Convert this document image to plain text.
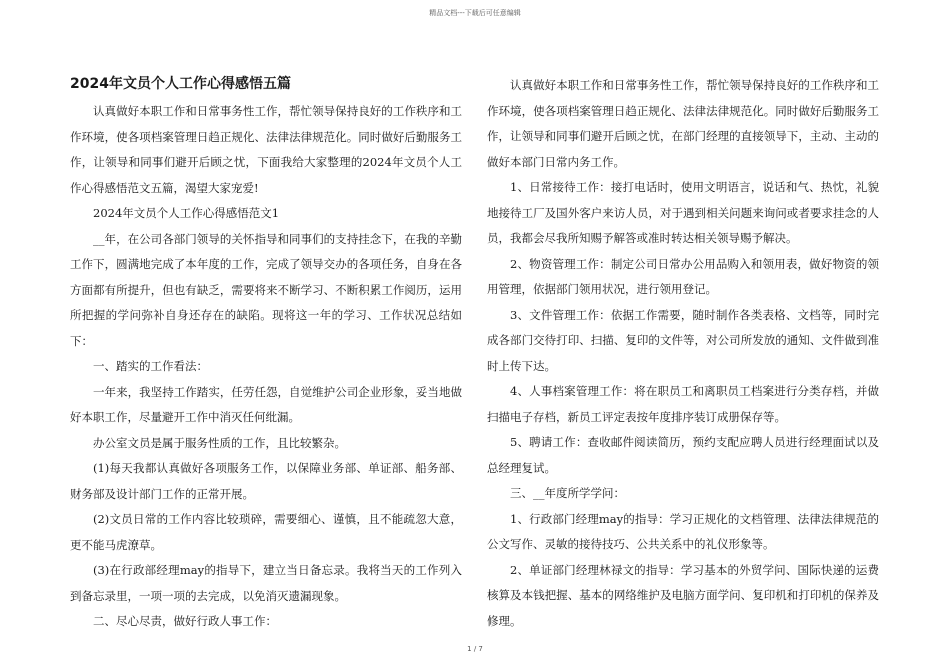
精品文档---下载后可任意编辑
2024年文员个人工作心得感悟五篇

认真做好本职工作和日常事务性工作，帮忙领导保持良好的工作秩序和工作环境，使各项档案管理日趋正规化、法律法律规范化。同时做好后勤服务工作，让领导和同事们避开后顾之忧，下面我给大家整理的2024年文员个人工作心得感悟范文五篇，渴望大家宠爱!

2024年文员个人工作心得感悟范文1

__年，在公司各部门领导的关怀指导和同事们的支持挂念下，在我的辛勤工作下，圆满地完成了本年度的工作，完成了领导交办的各项任务，自身在各方面都有所提升，但也有缺乏，需要将来不断学习、不断积累工作阅历，运用所把握的学问弥补自身还存在的缺陷。现将这一年的学习、工作状况总结如下：

一、踏实的工作看法：

一年来，我坚持工作踏实，任劳任怨，自觉维护公司企业形象，妥当地做好本职工作，尽量避开工作中消灭任何纰漏。

办公室文员是属于服务性质的工作，且比较繁杂。

(1)每天我都认真做好各项服务工作，以保障业务部、单证部、船务部、财务部及设计部门工作的正常开展。

(2)文员日常的工作内容比较琐碎，需要细心、谨慎，且不能疏忽大意，更不能马虎潦草。

(3)在行政部经理may的指导下，建立当日备忘录。我将当天的工作列入到备忘录里，一项一项的去完成，以免消灭遗漏现象。

二、尽心尽责，做好行政人事工作：

认真做好本职工作和日常事务性工作，帮忙领导保持良好的工作秩序和工作环境，使各项档案管理日趋正规化、法律法律规范化。同时做好后勤服务工作，让领导和同事们避开后顾之忧，在部门经理的直接领导下，主动、主动的做好本部门日常内务工作。

1、日常接待工作：接打电话时，使用文明语言，说话和气、热忱，礼貌地接待工厂及国外客户来访人员，对于遇到相关问题来询问或者要求挂念的人员，我都会尽我所知赐予解答或准时转达相关领导赐予解决。

2、物资管理工作：制定公司日常办公用品购入和领用表，做好物资的领用管理，依据部门领用状况，进行领用登记。

3、文件管理工作：依据工作需要，随时制作各类表格、文档等，同时完成各部门交待打印、扫描、复印的文件等，对公司所发放的通知、文件做到准时上传下达。

4、人事档案管理工作：将在职员工和离职员工档案进行分类存档，并做扫描电子存档，新员工评定表按年度排序装订成册保存等。

5、聘请工作：查收邮件阅读简历，预约支配应聘人员进行经理面试以及总经理复试。

三、__年度所学学问：

1、行政部门经理may的指导：学习正规化的文档管理、法律法律规范的公文写作、灵敏的接待技巧、公共关系中的礼仪形象等。

2、单证部门经理林禄文的指导：学习基本的外贸学问、国际快递的运费核算及本钱把握、基本的网络维护及电脑方面学问、复印机和打印机的保养及修理。

1 / 7
